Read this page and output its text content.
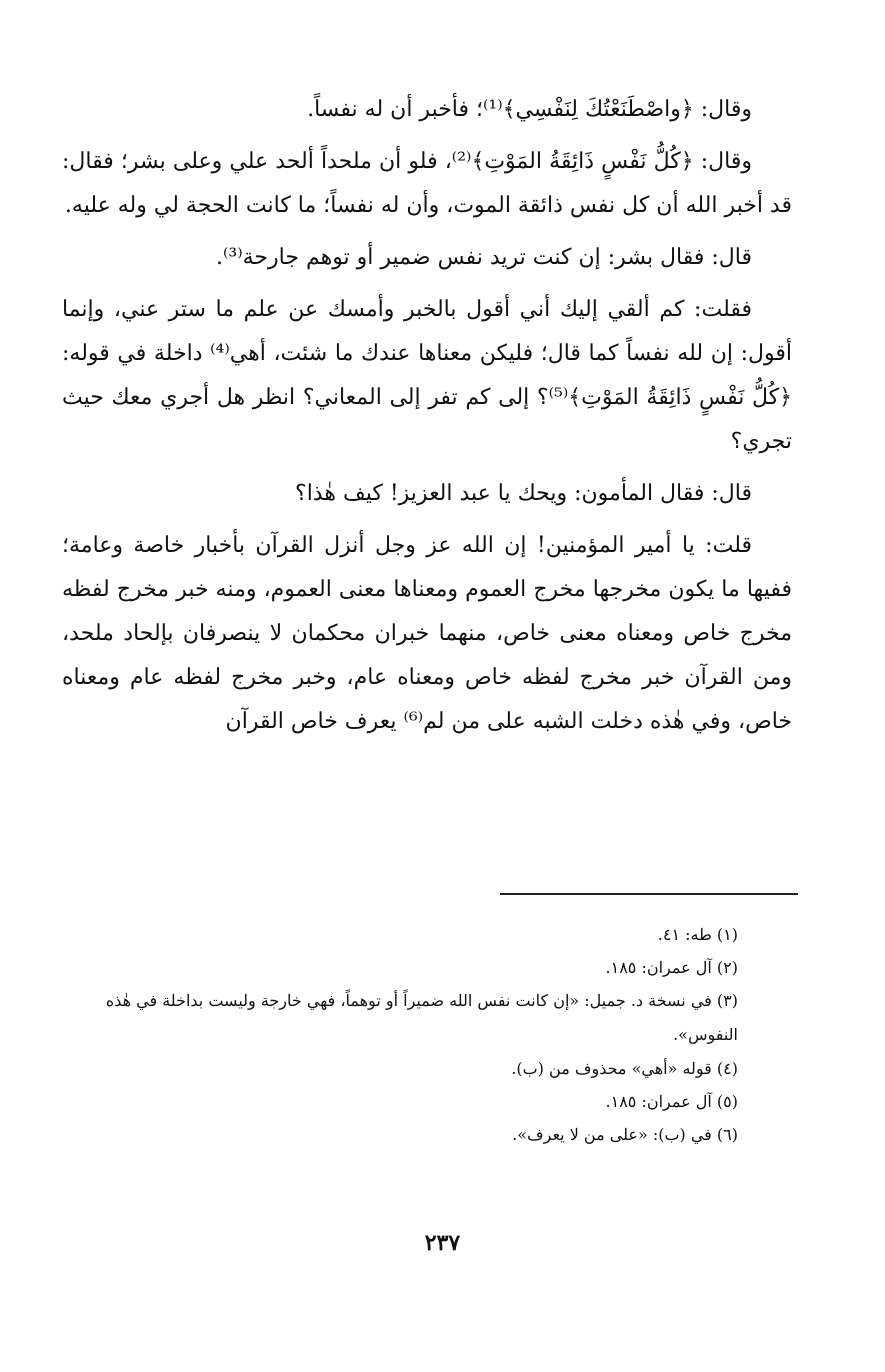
وقال: ﴿واصْطَنَعْتُكَ لِنَفْسِي﴾⁽¹⁾؛ فأخبر أن له نفساً.

وقال: ﴿كُلُّ نَفْسٍ ذَائِقَةُ المَوْتِ﴾⁽²⁾، فلو أن ملحداً ألحد علي وعلى بشر؛ فقال: قد أخبر الله أن كل نفس ذائقة الموت، وأن له نفساً؛ ما كانت الحجة لي وله عليه.

قال: فقال بشر: إن كنت تريد نفس ضمير أو توهم جارحة⁽³⁾.

فقلت: كم ألقي إليك أني أقول بالخبر وأمسك عن علم ما ستر عني، وإنما أقول: إن لله نفساً كما قال؛ فليكن معناها عندك ما شئت، أهي⁽⁴⁾ داخلة في قوله: ﴿كُلُّ نَفْسٍ ذَائِقَةُ المَوْتِ﴾⁽⁵⁾؟ إلى كم تفر إلى المعاني؟ انظر هل أجري معك حيث تجري؟

قال: فقال المأمون: ويحك يا عبد العزيز! كيف هٰذا؟

قلت: يا أمير المؤمنين! إن الله عز وجل أنزل القرآن بأخبار خاصة وعامة؛ ففيها ما يكون مخرجها مخرج العموم ومعناها معنى العموم، ومنه خبر مخرج لفظه مخرج خاص ومعناه معنى خاص، منهما خبران محكمان لا ينصرفان بإلحاد ملحد، ومن القرآن خبر مخرج لفظه خاص ومعناه عام، وخبر مخرج لفظه عام ومعناه خاص، وفي هٰذه دخلت الشبه على من لم⁽⁶⁾ يعرف خاص القرآن

(١) طه: ٤١.

(٢) آل عمران: ١٨٥.

(٣) في نسخة د. جميل: «إن كانت نفس الله ضميراً أو توهماً، فهي خارجة وليست بداخلة في هٰذه النفوس».

(٤) قوله «أهي» محذوف من (ب).

(٥) آل عمران: ١٨٥.

(٦) في (ب): «على من لا يعرف».

٢٣٧
